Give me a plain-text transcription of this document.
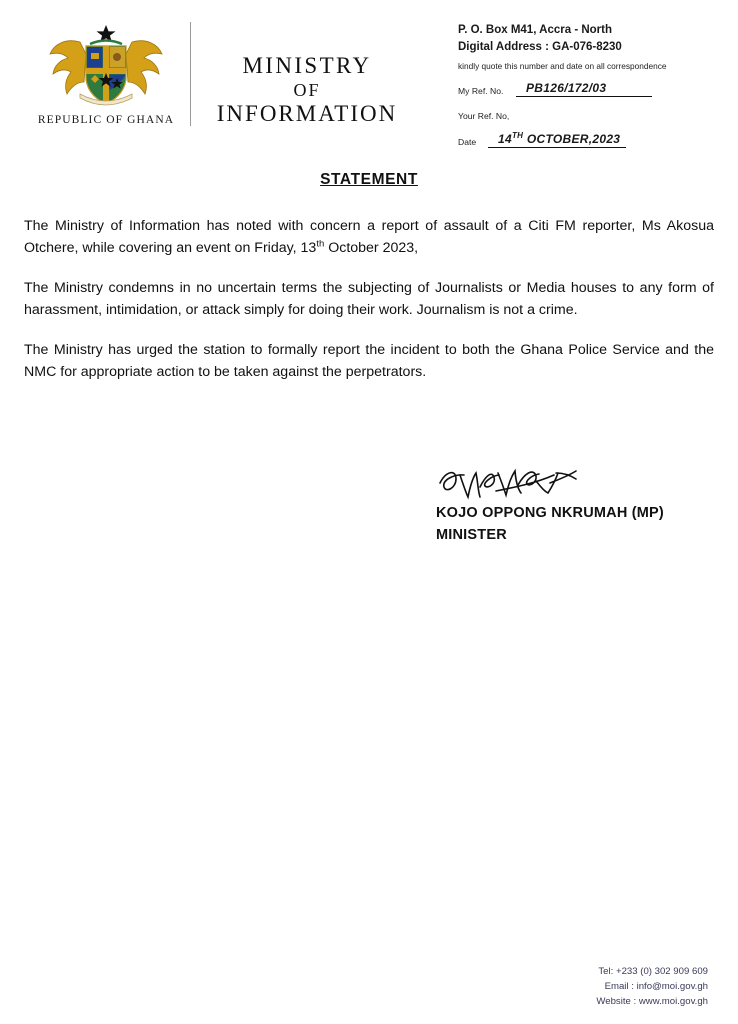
REPUBLIC OF GHANA
MINISTRY
OF
INFORMATION
P. O. Box M41, Accra - North
Digital Address : GA-076-8230
kindly quote this number and date on all correspondence
My Ref. No.	PB126/172/03
Your Ref. No,
Date	14TH OCTOBER,2023
STATEMENT

The Ministry of Information has noted with concern a report of assault of a Citi FM reporter, Ms Akosua Otchere, while covering an event on Friday, 13th October 2023,

The Ministry condemns in no uncertain terms the subjecting of Journalists or Media houses to any form of harassment, intimidation, or attack simply for doing their work. Journalism is not a crime.

The Ministry has urged the station to formally report the incident to both the Ghana Police Service and the NMC for appropriate action to be taken against the perpetrators.

KOJO OPPONG NKRUMAH (MP)
MINISTER
Tel: +233 (0) 302 909 609
Email : info@moi.gov.gh
Website : www.moi.gov.gh
